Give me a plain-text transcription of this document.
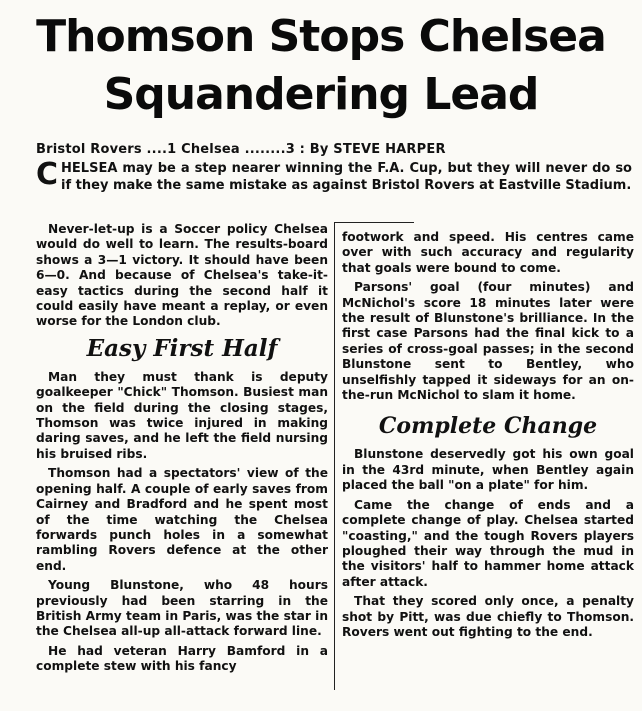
Thomson Stops Chelsea
Squandering Lead
Bristol Rovers ....1 Chelsea ........3 : By STEVE HARPER
CHELSEA may be a step nearer winning the F.A. Cup, but they will never do so if they make the same mistake as against Bristol Rovers at Eastville Stadium.

Never-let-up is a Soccer policy Chelsea would do well to learn. The results-board shows a 3—1 victory. It should have been 6—0. And because of Chelsea's take-it-easy tactics during the second half it could easily have meant a replay, or even worse for the London club.

Easy First Half

Man they must thank is deputy goalkeeper "Chick" Thomson. Busiest man on the field during the closing stages, Thomson was twice injured in making daring saves, and he left the field nursing his bruised ribs.

Thomson had a spectators' view of the opening half. A couple of early saves from Cairney and Bradford and he spent most of the time watching the Chelsea forwards punch holes in a somewhat rambling Rovers defence at the other end.

Young Blunstone, who 48 hours previously had been starring in the British Army team in Paris, was the star in the Chelsea all-up all-attack forward line.

He had veteran Harry Bamford in a complete stew with his fancy

footwork and speed. His centres came over with such accuracy and regularity that goals were bound to come.

Parsons' goal (four minutes) and McNichol's score 18 minutes later were the result of Blunstone's brilliance. In the first case Parsons had the final kick to a series of cross-goal passes; in the second Blunstone sent to Bentley, who unselfishly tapped it sideways for an on-the-run McNichol to slam it home.

Complete Change

Blunstone deservedly got his own goal in the 43rd minute, when Bentley again placed the ball "on a plate" for him.

Came the change of ends and a complete change of play. Chelsea started "coasting," and the tough Rovers players ploughed their way through the mud in the visitors' half to hammer home attack after attack.

That they scored only once, a penalty shot by Pitt, was due chiefly to Thomson. Rovers went out fighting to the end.
